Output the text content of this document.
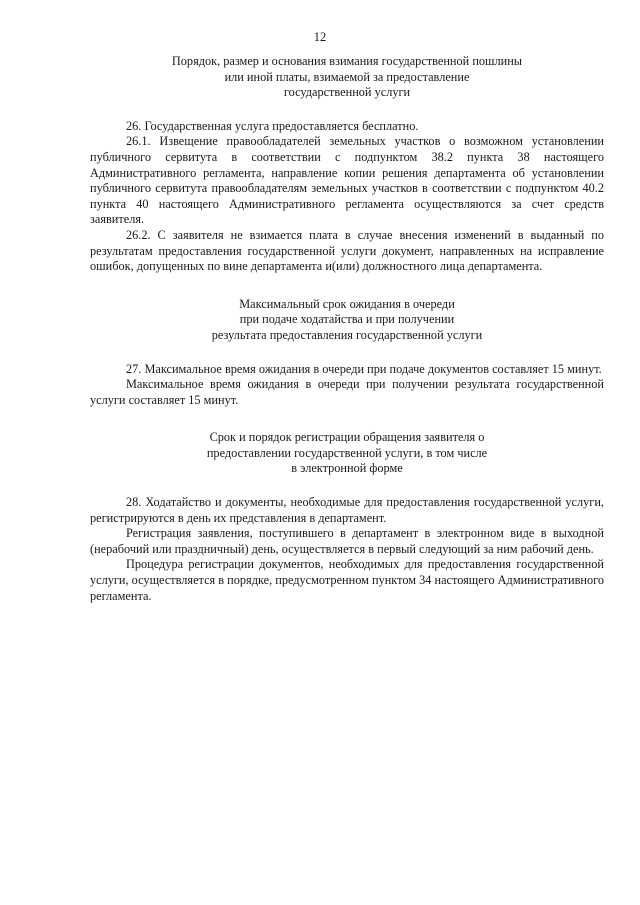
12
Порядок, размер и основания взимания государственной пошлины
или иной платы, взимаемой за предоставление
государственной услуги

26. Государственная услуга предоставляется бесплатно.

26.1. Извещение правообладателей земельных участков о возможном установлении публичного сервитута в соответствии с подпунктом 38.2 пункта 38 настоящего Административного регламента, направление копии решения департамента об установлении публичного сервитута правообладателям земельных участков в соответствии с подпунктом 40.2 пункта 40 настоящего Административного регламента осуществляются за счет средств заявителя.

26.2. С заявителя не взимается плата в случае внесения изменений в выданный по результатам предоставления государственной услуги документ, направленных на исправление ошибок, допущенных по вине департамента и(или) должностного лица департамента.

Максимальный срок ожидания в очереди
при подаче ходатайства и при получении
результата предоставления государственной услуги

27. Максимальное время ожидания в очереди при подаче документов составляет 15 минут.

Максимальное время ожидания в очереди при получении результата государственной услуги составляет 15 минут.

Срок и порядок регистрации обращения заявителя о
предоставлении государственной услуги, в том числе
в электронной форме

28. Ходатайство и документы, необходимые для предоставления государственной услуги, регистрируются в день их представления в департамент.

Регистрация заявления, поступившего в департамент в электронном виде в выходной (нерабочий или праздничный) день, осуществляется в первый следующий за ним рабочий день.

Процедура регистрации документов, необходимых для предоставления государственной услуги, осуществляется в порядке, предусмотренном пунктом 34 настоящего Административного регламента.
